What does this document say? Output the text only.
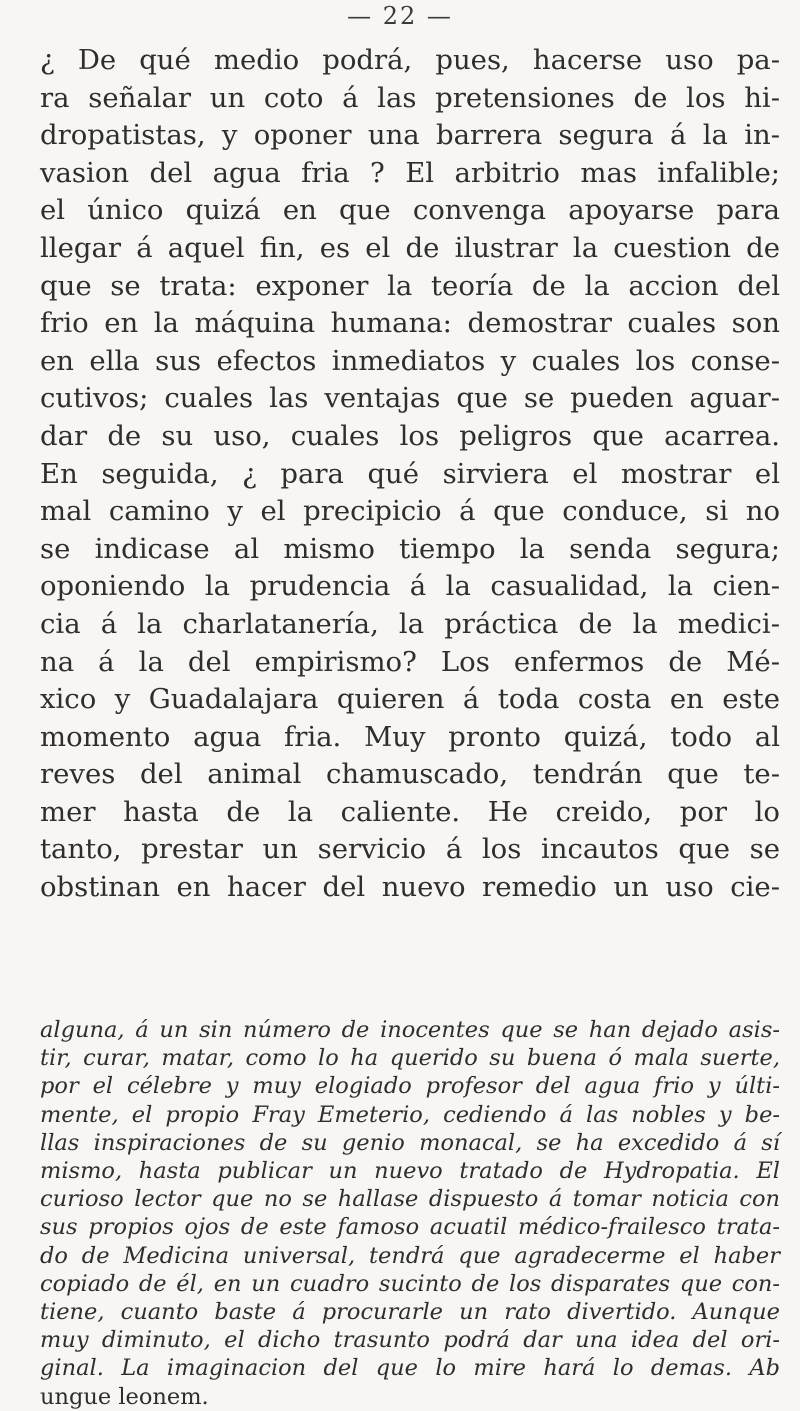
— 22 —
¿ De qué medio podrá, pues, hacerse uso pa-
ra señalar un coto á las pretensiones de los hi-
dropatistas, y oponer una barrera segura á la in-
vasion del agua fria ? El arbitrio mas infalible;
el único quizá en que convenga apoyarse para
llegar á aquel fin, es el de ilustrar la cuestion de
que se trata: exponer la teoría de la accion del
frio en la máquina humana: demostrar cuales son
en ella sus efectos inmediatos y cuales los conse-
cutivos; cuales las ventajas que se pueden aguar-
dar de su uso, cuales los peligros que acarrea.
En seguida, ¿ para qué sirviera el mostrar el
mal camino y el precipicio á que conduce, si no
se indicase al mismo tiempo la senda segura;
oponiendo la prudencia á la casualidad, la cien-
cia á la charlatanería, la práctica de la medici-
na á la del empirismo? Los enfermos de Mé-
xico y Guadalajara quieren á toda costa en este
momento agua fria. Muy pronto quizá, todo al
reves del animal chamuscado, tendrán que te-
mer hasta de la caliente. He creido, por lo
tanto, prestar un servicio á los incautos que se
obstinan en hacer del nuevo remedio un uso cie-
alguna, á un sin número de inocentes que se han dejado asis-
tir, curar, matar, como lo ha querido su buena ó mala suerte,
por el célebre y muy elogiado profesor del agua frio y últi-
mente, el propio Fray Emeterio, cediendo á las nobles y be-
llas inspiraciones de su genio monacal, se ha excedido á sí
mismo, hasta publicar un nuevo tratado de Hydropatia. El
curioso lector que no se hallase dispuesto á tomar noticia con
sus propios ojos de este famoso acuatil médico-frailesco trata-
do de Medicina universal, tendrá que agradecerme el haber
copiado de él, en un cuadro sucinto de los disparates que con-
tiene, cuanto baste á procurarle un rato divertido. Aunque
muy diminuto, el dicho trasunto podrá dar una idea del ori-
ginal. La imaginacion del que lo mire hará lo demas. Ab
ungue leonem.
